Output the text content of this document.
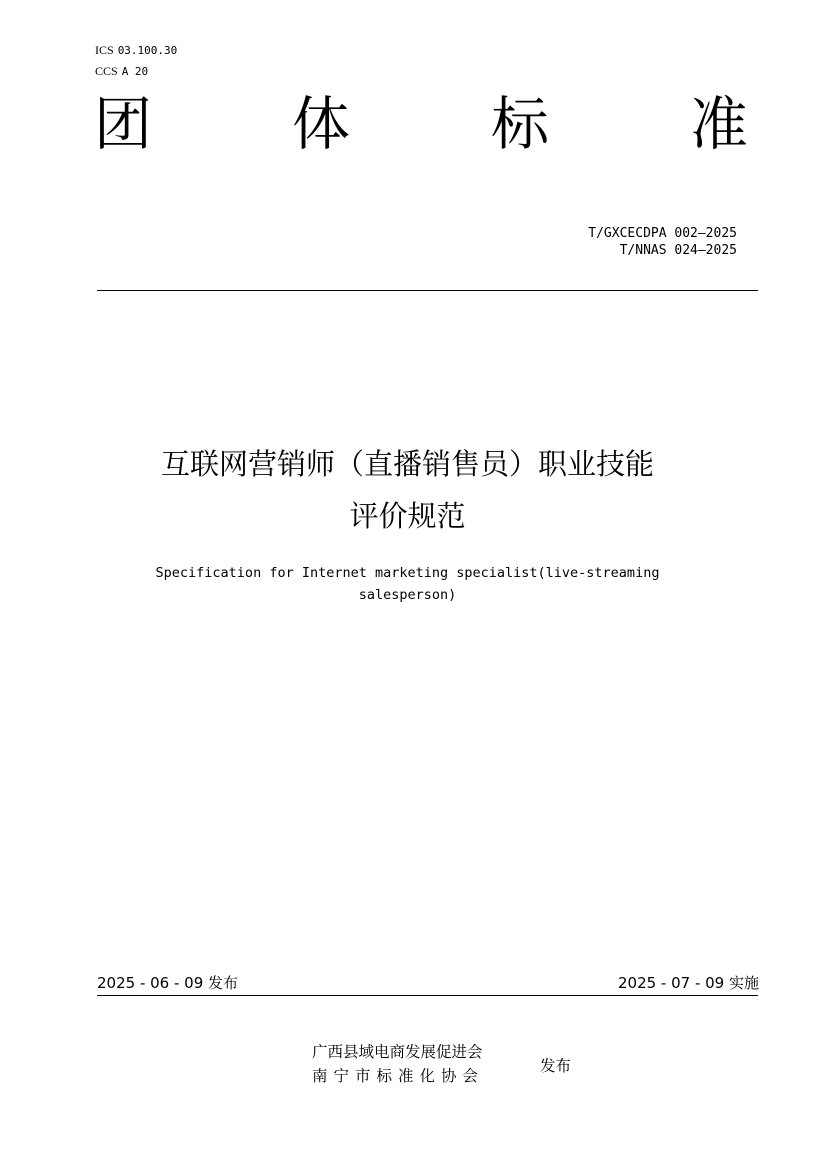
ICS 03.100.30
CCS A 20
团 体 标 准
T/GXCECDPA 002—2025
T/NNAS 024—2025
互联网营销师（直播销售员）职业技能
评价规范
Specification for Internet marketing specialist(live-streaming
salesperson)
2025 - 06 - 09 发布	2025 - 07 - 09 实施
广西县域电商发展促进会
南宁市标准化协会
发布
